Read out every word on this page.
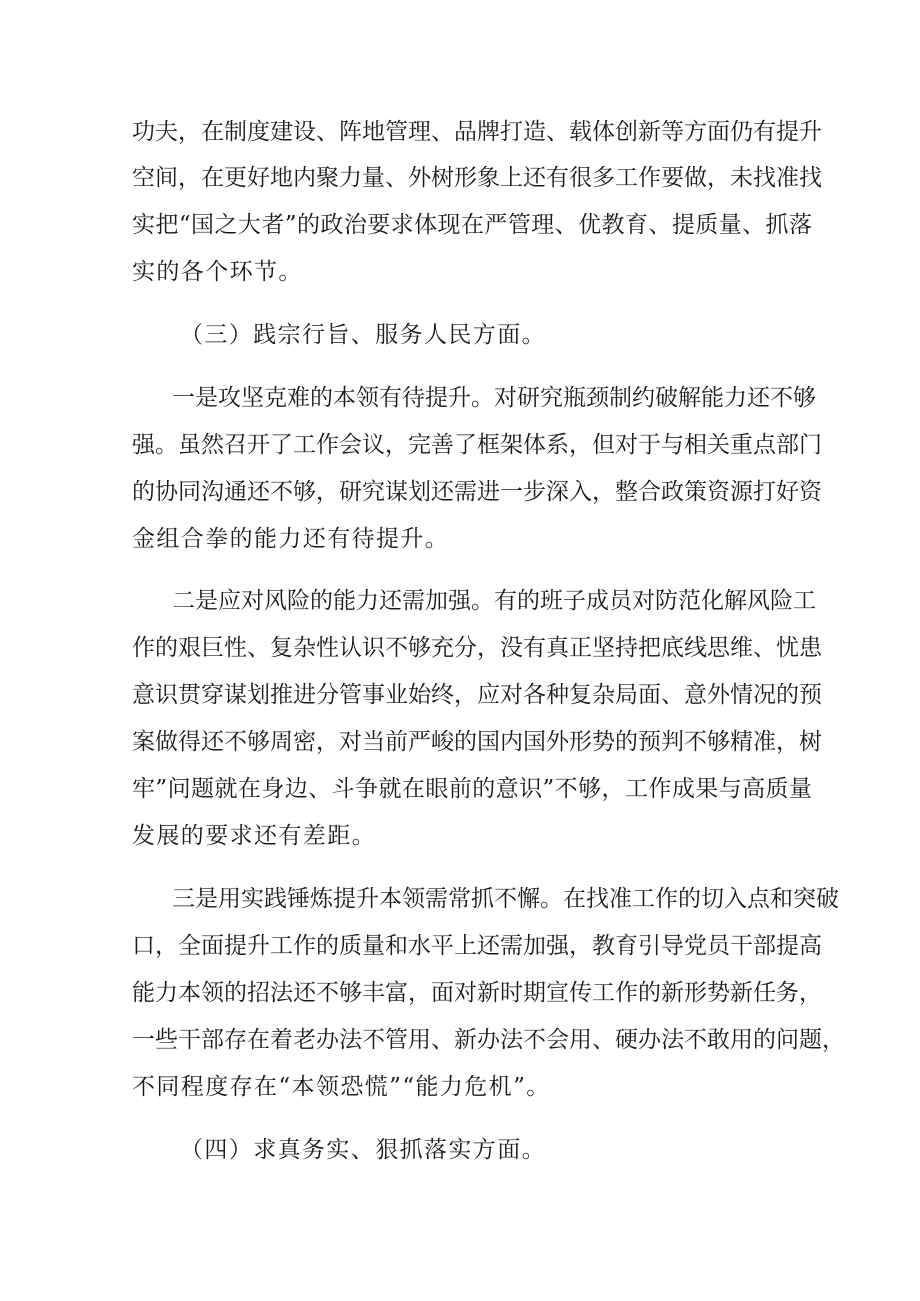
功夫，在制度建设、阵地管理、品牌打造、载体创新等方面仍有提升
空间，在更好地内聚力量、外树形象上还有很多工作要做，未找准找
实把“国之大者”的政治要求体现在严管理、优教育、提质量、抓落
实的各个环节。
（三）践宗行旨、服务人民方面。
一是攻坚克难的本领有待提升。对研究瓶颈制约破解能力还不够
强。虽然召开了工作会议，完善了框架体系，但对于与相关重点部门
的协同沟通还不够，研究谋划还需进一步深入，整合政策资源打好资
金组合拳的能力还有待提升。
二是应对风险的能力还需加强。有的班子成员对防范化解风险工
作的艰巨性、复杂性认识不够充分，没有真正坚持把底线思维、忧患
意识贯穿谋划推进分管事业始终，应对各种复杂局面、意外情况的预
案做得还不够周密，对当前严峻的国内国外形势的预判不够精准，树
牢”问题就在身边、斗争就在眼前的意识”不够，工作成果与高质量
发展的要求还有差距。
三是用实践锤炼提升本领需常抓不懈。在找准工作的切入点和突破
口，全面提升工作的质量和水平上还需加强，教育引导党员干部提高
能力本领的招法还不够丰富，面对新时期宣传工作的新形势新任务，
一些干部存在着老办法不管用、新办法不会用、硬办法不敢用的问题，
不同程度存在“本领恐慌”“能力危机”。
（四）求真务实、狠抓落实方面。
